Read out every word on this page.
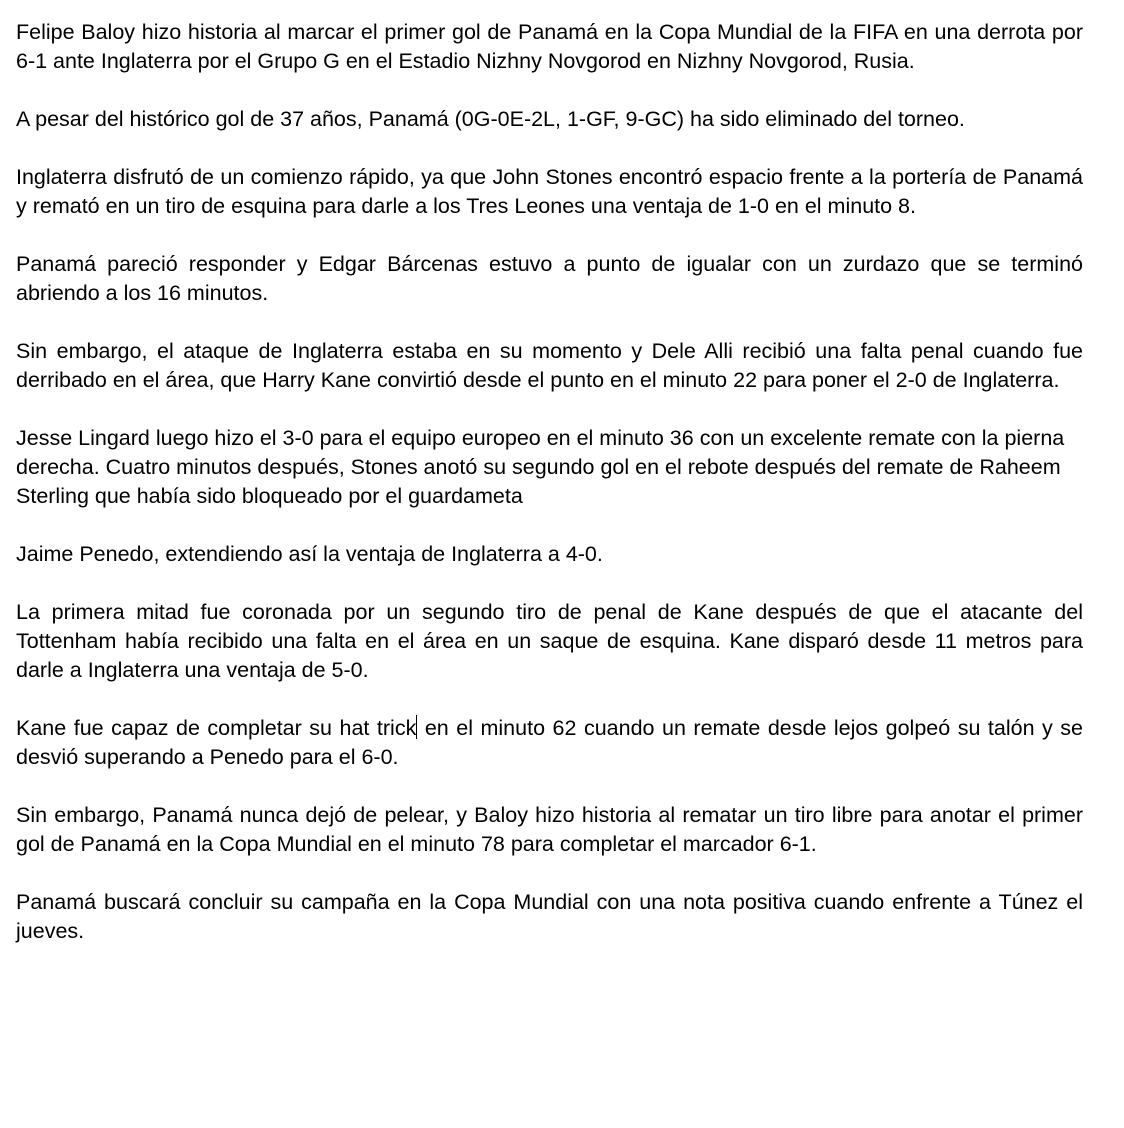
Felipe Baloy hizo historia al marcar el primer gol de Panamá en la Copa Mundial de la FIFA en una derrota por 6-1 ante Inglaterra por el Grupo G en el Estadio Nizhny Novgorod en Nizhny Novgorod, Rusia.

A pesar del histórico gol de 37 años, Panamá (0G-0E-2L, 1-GF, 9-GC) ha sido eliminado del torneo.

Inglaterra disfrutó de un comienzo rápido, ya que John Stones encontró espacio frente a la portería de Panamá y remató en un tiro de esquina para darle a los Tres Leones una ventaja de 1-0 en el minuto 8.

Panamá pareció responder y Edgar Bárcenas estuvo a punto de igualar con un zurdazo que se terminó abriendo a los 16 minutos.

Sin embargo, el ataque de Inglaterra estaba en su momento y Dele Alli recibió una falta penal cuando fue derribado en el área, que Harry Kane convirtió desde el punto en el minuto 22 para poner el 2-0 de Inglaterra.

Jesse Lingard luego hizo el 3-0 para el equipo europeo en el minuto 36 con un excelente remate con la pierna derecha. Cuatro minutos después, Stones anotó su segundo gol en el rebote después del remate de Raheem Sterling que había sido bloqueado por el guardameta

Jaime Penedo, extendiendo así la ventaja de Inglaterra a 4-0.

La primera mitad fue coronada por un segundo tiro de penal de Kane después de que el atacante del Tottenham había recibido una falta en el área en un saque de esquina. Kane disparó desde 11 metros para darle a Inglaterra una ventaja de 5-0.

Kane fue capaz de completar su hat trick en el minuto 62 cuando un remate desde lejos golpeó su talón y se desvió superando a Penedo para el 6-0.

Sin embargo, Panamá nunca dejó de pelear, y Baloy hizo historia al rematar un tiro libre para anotar el primer gol de Panamá en la Copa Mundial en el minuto 78 para completar el marcador 6-1.

Panamá buscará concluir su campaña en la Copa Mundial con una nota positiva cuando enfrente a Túnez el jueves.
